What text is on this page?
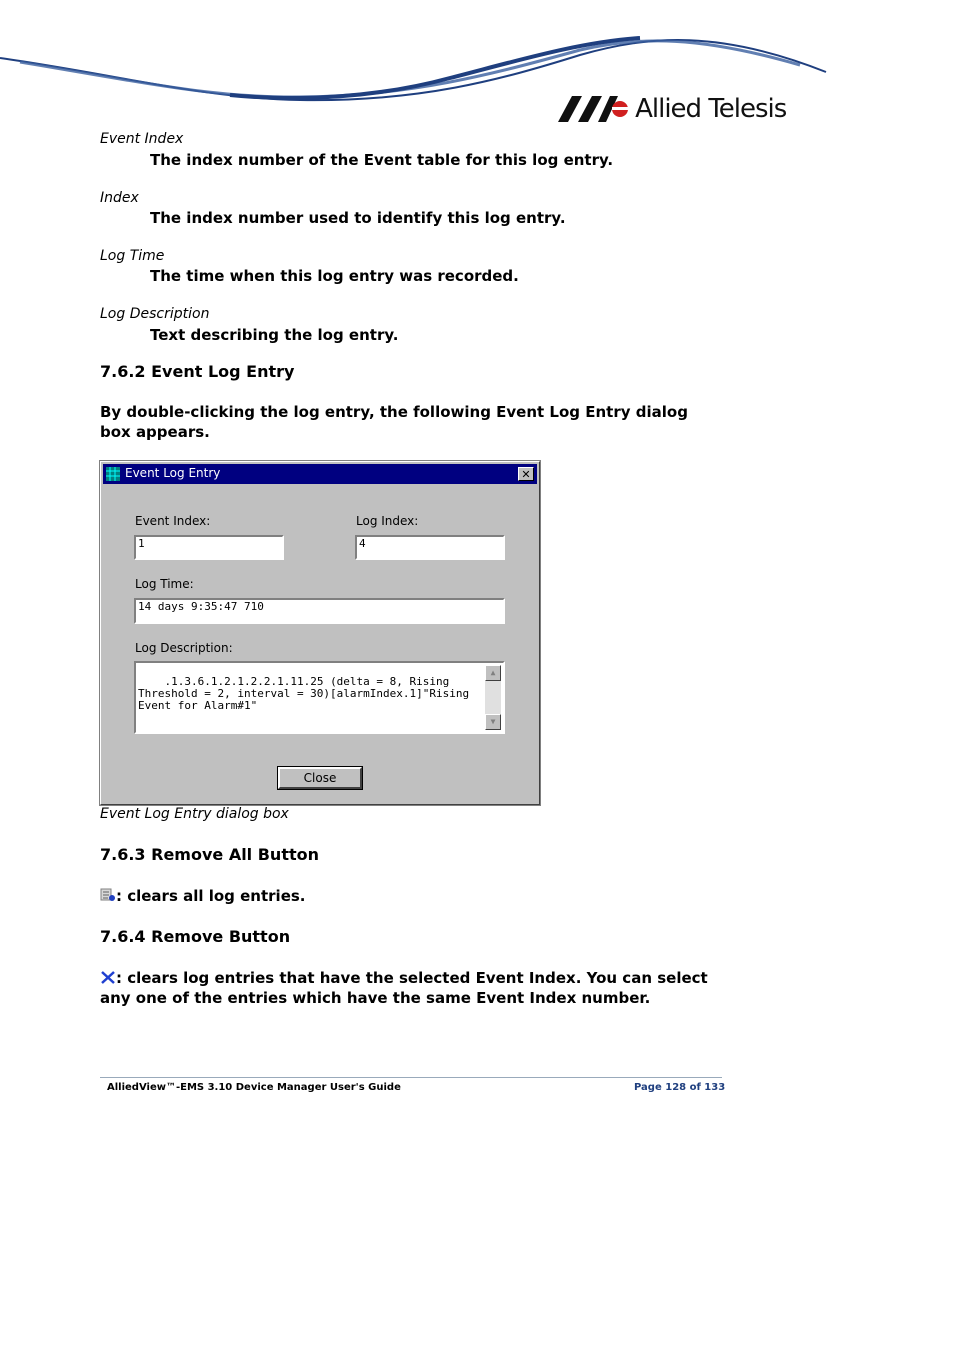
Allied Telesis
Event Index
The index number of the Event table for this log entry.
Index
The index number used to identify this log entry.
Log Time
The time when this log entry was recorded.
Log Description
Text describing the log entry.
7.6.2 Event Log Entry
By double-clicking the log entry, the following Event Log Entry dialog box appears.
Event Log Entry	✕
Event Index:
1
Log Index:
4
Log Time:
14 days 9:35:47 710
Log Description:

.1.3.6.1.2.1.2.2.1.11.25 (delta = 8, Rising Threshold = 2, interval = 30)[alarmIndex.1]"Rising Event for Alarm#1"

▲

▼

Close
Event Log Entry dialog box
7.6.3 Remove All Button
: clears all log entries.
7.6.4 Remove Button
: clears log entries that have the selected Event Index. You can select any one of the entries which have the same Event Index number.
AlliedView™-EMS 3.10 Device Manager User's Guide	Page 128 of 133
